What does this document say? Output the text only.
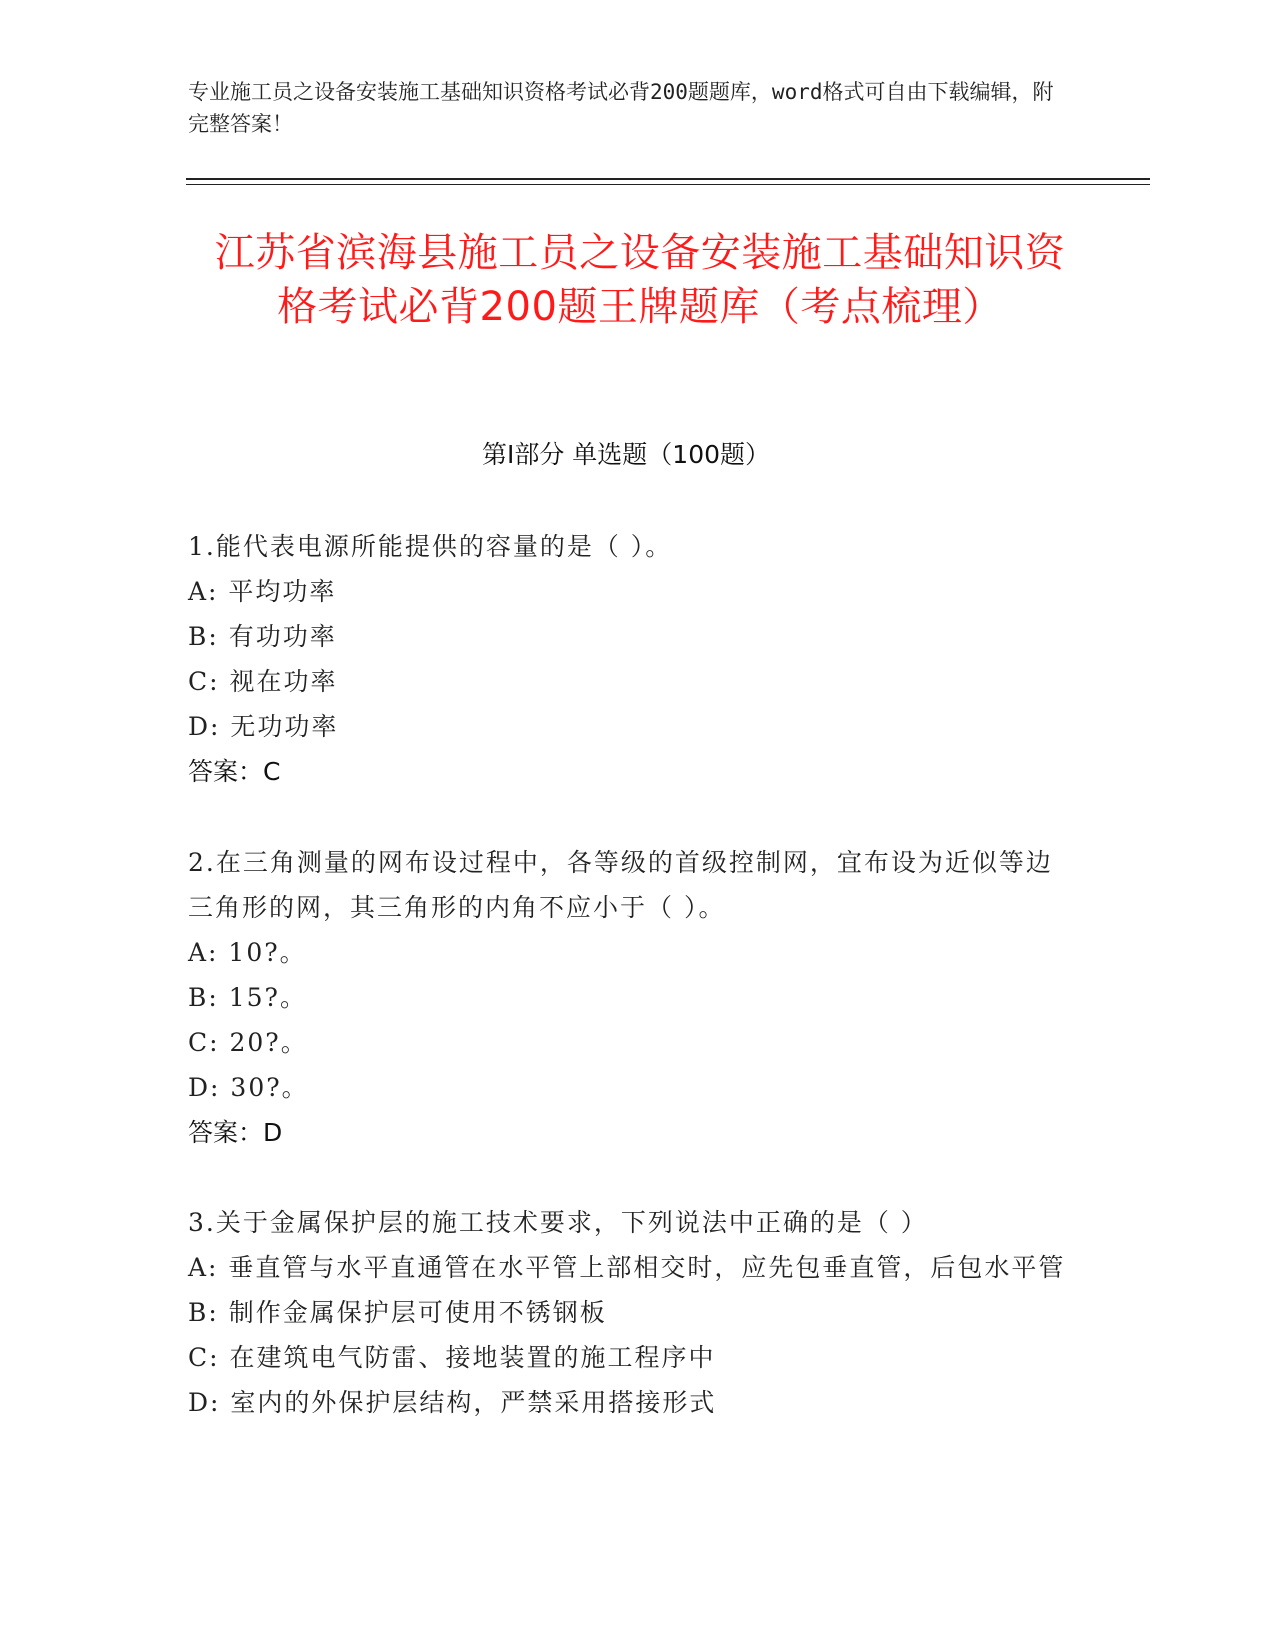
专业施工员之设备安装施工基础知识资格考试必背200题题库，word格式可自由下载编辑，附完整答案！
江苏省滨海县施工员之设备安装施工基础知识资格考试必背200题王牌题库（考点梳理）
第Ⅰ部分 单选题（100题）
1.能代表电源所能提供的容量的是（ ）。
A: 平均功率
B: 有功功率
C: 视在功率
D: 无功功率
答案：C
2.在三角测量的网布设过程中，各等级的首级控制网，宜布设为近似等边三角形的网，其三角形的内角不应小于（ ）。
A: 10?。
B: 15?。
C: 20?。
D: 30?。
答案：D
3.关于金属保护层的施工技术要求，下列说法中正确的是（ ）
A: 垂直管与水平直通管在水平管上部相交时，应先包垂直管，后包水平管
B: 制作金属保护层可使用不锈钢板
C: 在建筑电气防雷、接地装置的施工程序中
D: 室内的外保护层结构，严禁采用搭接形式
